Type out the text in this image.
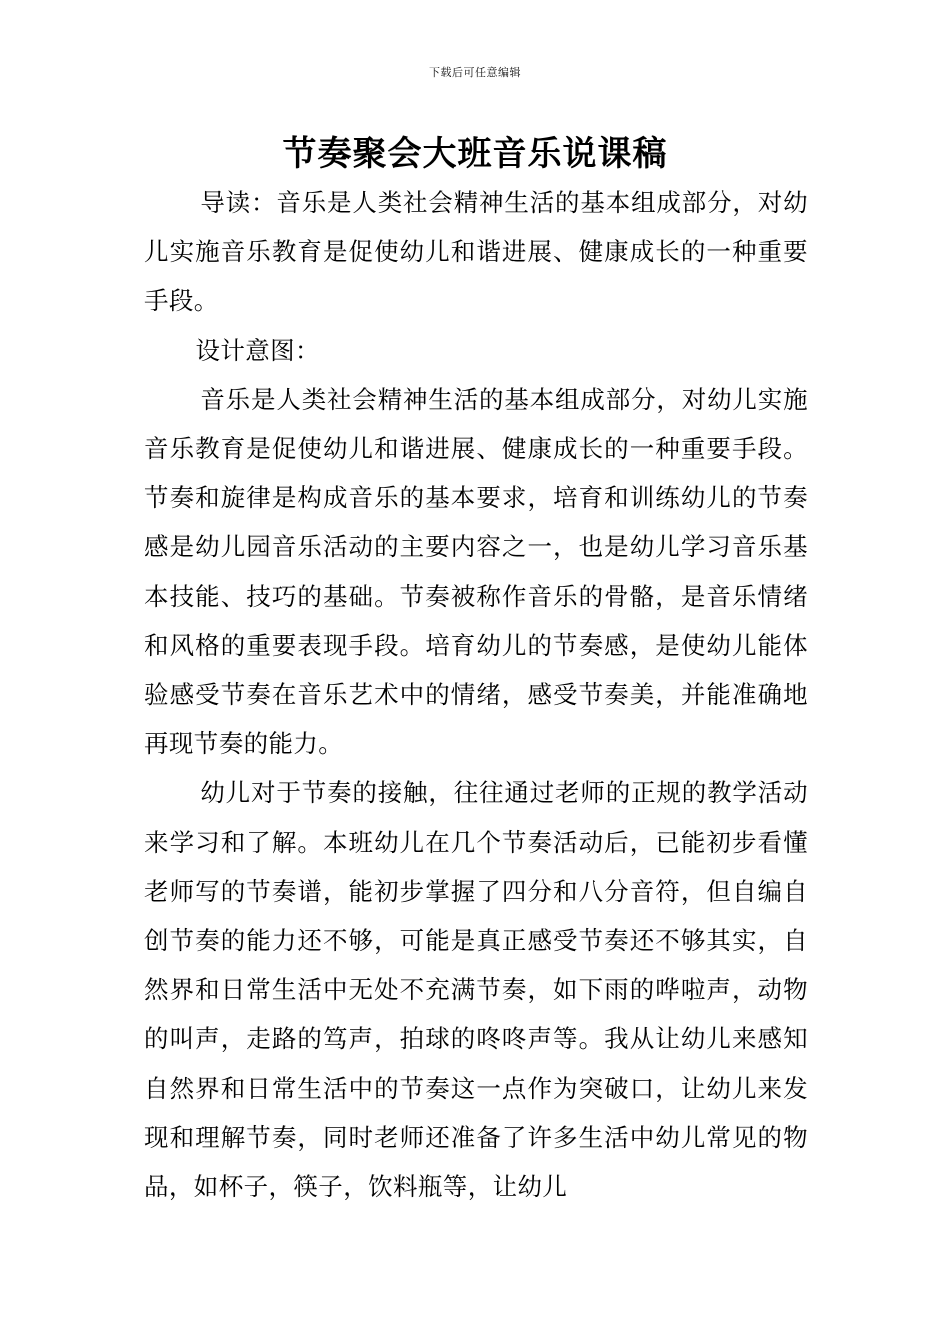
下载后可任意编辑
节奏聚会大班音乐说课稿

导读：音乐是人类社会精神生活的基本组成部分，对幼儿实施音乐教育是促使幼儿和谐进展、健康成长的一种重要手段。

设计意图：

音乐是人类社会精神生活的基本组成部分，对幼儿实施音乐教育是促使幼儿和谐进展、健康成长的一种重要手段。节奏和旋律是构成音乐的基本要求，培育和训练幼儿的节奏感是幼儿园音乐活动的主要内容之一，也是幼儿学习音乐基本技能、技巧的基础。节奏被称作音乐的骨骼，是音乐情绪和风格的重要表现手段。培育幼儿的节奏感，是使幼儿能体验感受节奏在音乐艺术中的情绪，感受节奏美，并能准确地再现节奏的能力。

幼儿对于节奏的接触，往往通过老师的正规的教学活动来学习和了解。本班幼儿在几个节奏活动后，已能初步看懂老师写的节奏谱，能初步掌握了四分和八分音符，但自编自创节奏的能力还不够，可能是真正感受节奏还不够其实，自然界和日常生活中无处不充满节奏，如下雨的哗啦声，动物的叫声，走路的笃声，拍球的咚咚声等。我从让幼儿来感知自然界和日常生活中的节奏这一点作为突破口，让幼儿来发现和理解节奏，同时老师还准备了许多生活中幼儿常见的物品，如杯子，筷子，饮料瓶等，让幼儿
